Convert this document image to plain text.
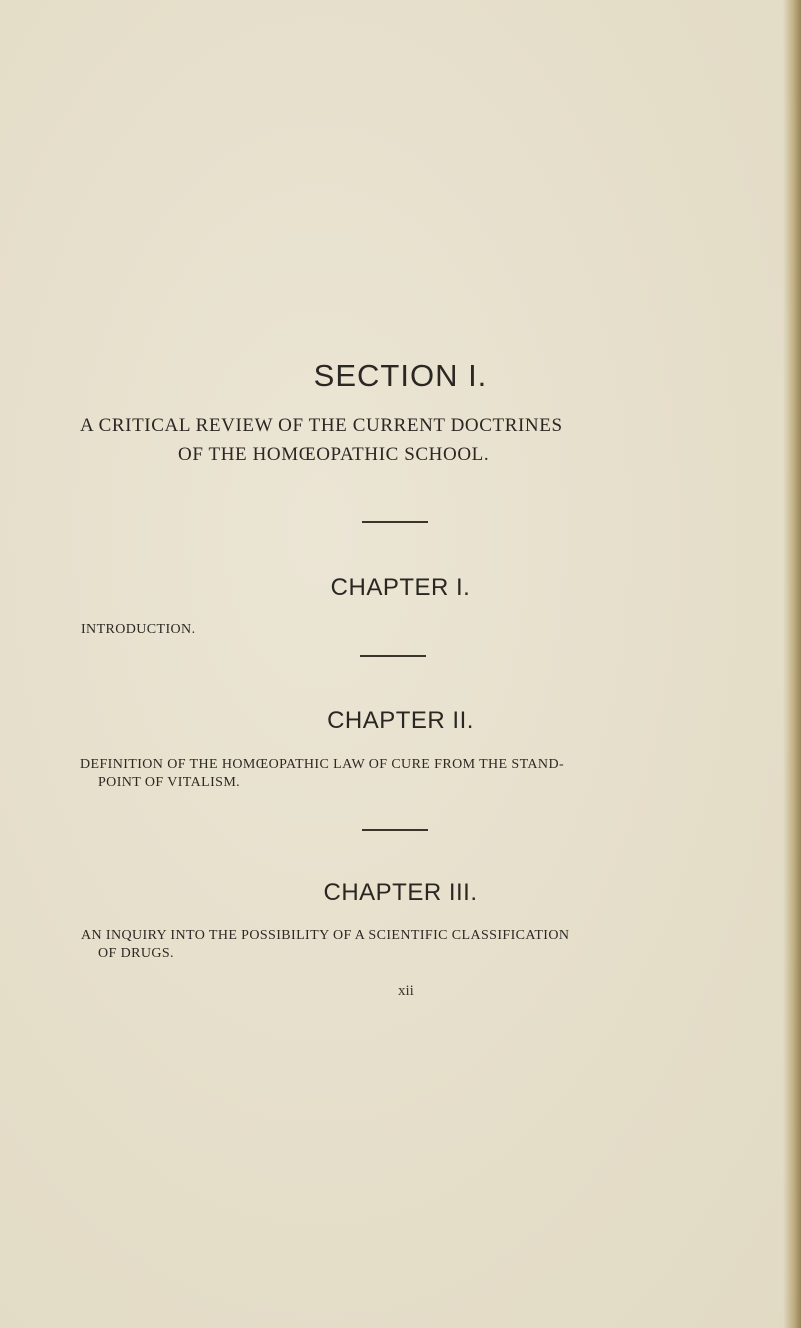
SECTION I.
A CRITICAL REVIEW OF THE CURRENT DOCTRINES
OF THE HOMŒOPATHIC SCHOOL.
CHAPTER I.
INTRODUCTION.
CHAPTER II.
DEFINITION OF THE HOMŒOPATHIC LAW OF CURE FROM THE STAND-
POINT OF VITALISM.
CHAPTER III.
AN INQUIRY INTO THE POSSIBILITY OF A SCIENTIFIC CLASSIFICATION
OF DRUGS.
xii
